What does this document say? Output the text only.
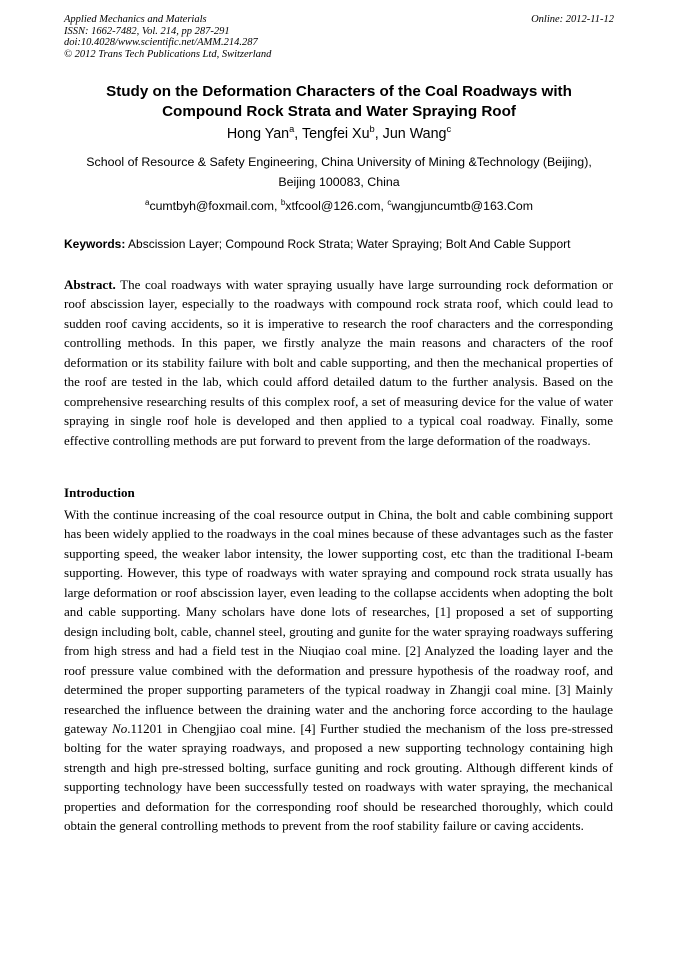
Applied Mechanics and Materials
ISSN: 1662-7482, Vol. 214, pp 287-291
doi:10.4028/www.scientific.net/AMM.214.287
© 2012 Trans Tech Publications Ltd, Switzerland
Online: 2012-11-12
Study on the Deformation Characters of the Coal Roadways with
Compound Rock Strata and Water Spraying Roof
Hong Yan$^a$, Tengfei Xu$^b$, Jun Wang$^c$
School of Resource & Safety Engineering, China University of Mining &Technology (Beijing),
Beijing 100083, China
$^a$cumtbyh@foxmail.com, $^b$xtfcool@126.com, $^c$wangjuncumtb@163.Com
Keywords: Abscission Layer; Compound Rock Strata; Water Spraying; Bolt And Cable Support
Abstract. The coal roadways with water spraying usually have large surrounding rock deformation or roof abscission layer, especially to the roadways with compound rock strata roof, which could lead to sudden roof caving accidents, so it is imperative to research the roof characters and the corresponding controlling methods. In this paper, we firstly analyze the main reasons and characters of the roof deformation or its stability failure with bolt and cable supporting, and then the mechanical properties of the roof are tested in the lab, which could afford detailed datum to the further analysis. Based on the comprehensive researching results of this complex roof, a set of measuring device for the value of water spraying in single roof hole is developed and then applied to a typical coal roadway. Finally, some effective controlling methods are put forward to prevent from the large deformation of the roadways.
Introduction
With the continue increasing of the coal resource output in China, the bolt and cable combining support has been widely applied to the roadways in the coal mines because of these advantages such as the faster supporting speed, the weaker labor intensity, the lower supporting cost, etc than the traditional I-beam supporting. However, this type of roadways with water spraying and compound rock strata usually has large deformation or roof abscission layer, even leading to the collapse accidents when adopting the bolt and cable supporting. Many scholars have done lots of researches, [1] proposed a set of supporting design including bolt, cable, channel steel, grouting and gunite for the water spraying roadways suffering from high stress and had a field test in the Niuqiao coal mine. [2] Analyzed the loading layer and the roof pressure value combined with the deformation and pressure hypothesis of the roadway roof, and determined the proper supporting parameters of the typical roadway in Zhangji coal mine. [3] Mainly researched the influence between the draining water and the anchoring force according to the haulage gateway No.11201 in Chengjiao coal mine. [4] Further studied the mechanism of the loss pre-stressed bolting for the water spraying roadways, and proposed a new supporting technology containing high strength and high pre-stressed bolting, surface guniting and rock grouting. Although different kinds of supporting technology have been successfully tested on roadways with water spraying, the mechanical properties and deformation for the corresponding roof should be researched thoroughly, which could obtain the general controlling methods to prevent from the roof stability failure or caving accidents.
